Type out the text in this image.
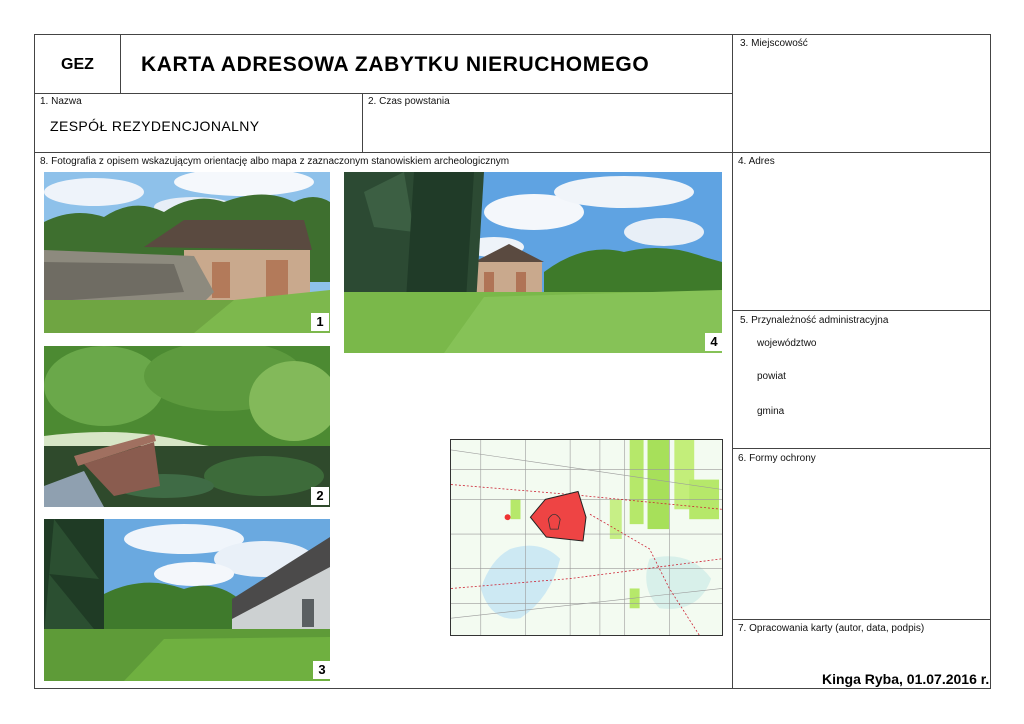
GEZ	KARTA ADRESOWA ZABYTKU NIERUCHOMEGO
1. Nazwa
ZESPÓŁ REZYDENCJONALNY
2. Czas powstania
3. Miejscowość
4. Adres
5. Przynależność administracyjna
województwo
powiat
gmina
6. Formy ochrony
7. Opracowania karty (autor, data, podpis)
Kinga Ryba, 01.07.2016 r.
8. Fotografia z opisem wskazującym orientację albo mapa z zaznaczonym stanowiskiem archeologicznym
1
2
3
4
